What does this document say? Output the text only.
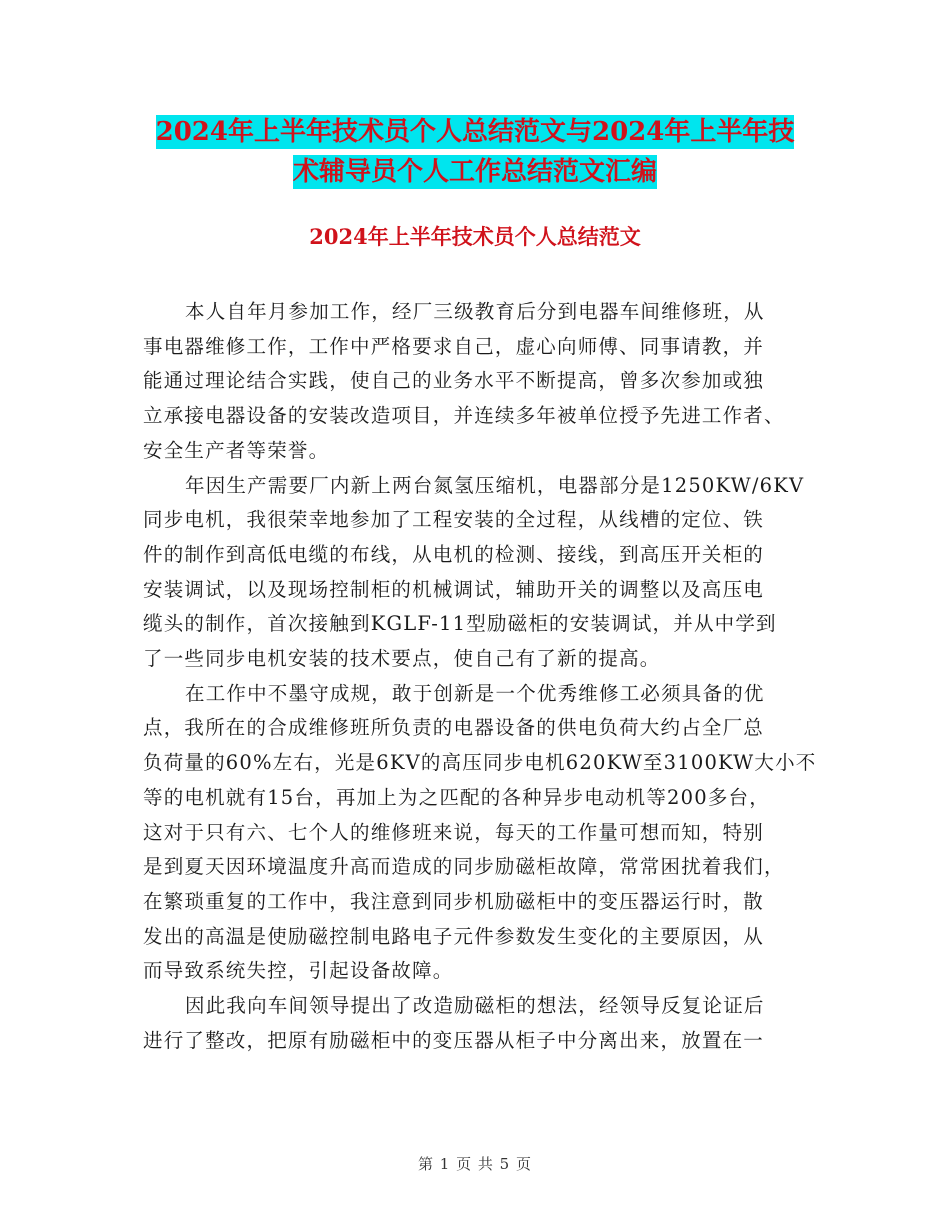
2024年上半年技术员个人总结范文与2024年上半年技
术辅导员个人工作总结范文汇编
2024年上半年技术员个人总结范文

本人自年月参加工作，经厂三级教育后分到电器车间维修班，从
事电器维修工作，工作中严格要求自己，虚心向师傅、同事请教，并
能通过理论结合实践，使自己的业务水平不断提高，曾多次参加或独
立承接电器设备的安装改造项目，并连续多年被单位授予先进工作者、
安全生产者等荣誉。

年因生产需要厂内新上两台氮氢压缩机，电器部分是1250KW/6KV
同步电机，我很荣幸地参加了工程安装的全过程，从线槽的定位、铁
件的制作到高低电缆的布线，从电机的检测、接线，到高压开关柜的
安装调试，以及现场控制柜的机械调试，辅助开关的调整以及高压电
缆头的制作，首次接触到KGLF-11型励磁柜的安装调试，并从中学到
了一些同步电机安装的技术要点，使自己有了新的提高。

在工作中不墨守成规，敢于创新是一个优秀维修工必须具备的优
点，我所在的合成维修班所负责的电器设备的供电负荷大约占全厂总
负荷量的60%左右，光是6KV的高压同步电机620KW至3100KW大小不
等的电机就有15台，再加上为之匹配的各种异步电动机等200多台，
这对于只有六、七个人的维修班来说，每天的工作量可想而知，特别
是到夏天因环境温度升高而造成的同步励磁柜故障，常常困扰着我们，
在繁琐重复的工作中，我注意到同步机励磁柜中的变压器运行时，散
发出的高温是使励磁控制电路电子元件参数发生变化的主要原因，从
而导致系统失控，引起设备故障。

因此我向车间领导提出了改造励磁柜的想法，经领导反复论证后
进行了整改，把原有励磁柜中的变压器从柜子中分离出来，放置在一

第 1 页 共 5 页
